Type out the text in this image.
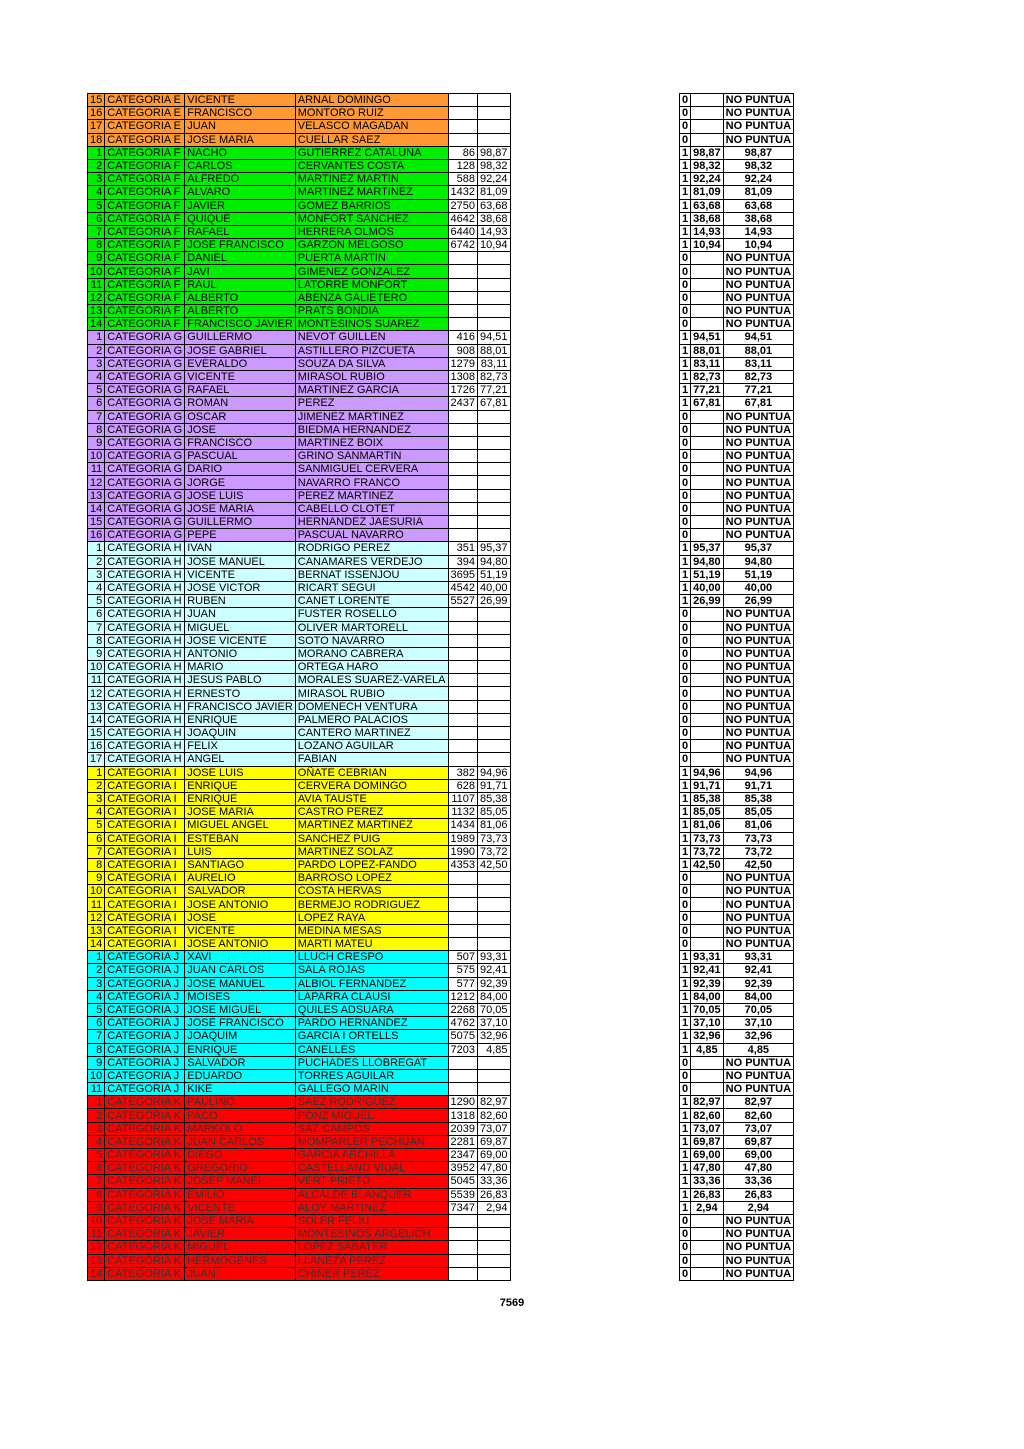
15	CATEGORIA E	VICENTE	ARNAL DOMINGO		
16	CATEGORIA E	FRANCISCO	MONTORO RUIZ		
17	CATEGORIA E	JUAN	VELASCO MAGADAN		
18	CATEGORIA E	JOSE MARIA	CUELLAR SAEZ		
1	CATEGORIA F	NACHO	GUTIERREZ CATALUNA	86	98,87
2	CATEGORIA F	CARLOS	CERVANTES COSTA	128	98,32
3	CATEGORIA F	ALFREDO	MARTINEZ MARTIN	588	92,24
4	CATEGORIA F	ALVARO	MARTINEZ MARTINEZ	1432	81,09
5	CATEGORIA F	JAVIER	GOMEZ BARRIOS	2750	63,68
6	CATEGORIA F	QUIQUE	MONFORT SANCHEZ	4642	38,68
7	CATEGORIA F	RAFAEL	HERRERA OLMOS	6440	14,93
8	CATEGORIA F	JOSE FRANCISCO	GARZON MELGOSO	6742	10,94
9	CATEGORIA F	DANIEL	PUERTA MARTIN		
10	CATEGORIA F	JAVI	GIMENEZ GONZALEZ		
11	CATEGORIA F	RAUL	LATORRE MONFORT		
12	CATEGORIA F	ALBERTO	ABENZA GALIETERO		
13	CATEGORIA F	ALBERTO	PRATS BONDIA		
14	CATEGORIA F	FRANCISCO JAVIER	MONTESINOS SUAREZ		
1	CATEGORIA G	GUILLERMO	NEVOT GUILLEN	416	94,51
2	CATEGORIA G	JOSE GABRIEL	ASTILLERO PIZCUETA	908	88,01
3	CATEGORIA G	EVERALDO	SOUZA DA SILVA	1279	83,11
4	CATEGORIA G	VICENTE	MIRASOL RUBIO	1308	82,73
5	CATEGORIA G	RAFAEL	MARTINEZ GARCIA	1726	77,21
6	CATEGORIA G	ROMAN	PEREZ	2437	67,81
7	CATEGORIA G	OSCAR	JIMENEZ MARTINEZ		
8	CATEGORIA G	JOSE	BIEDMA HERNANDEZ		
9	CATEGORIA G	FRANCISCO	MARTINEZ BOIX		
10	CATEGORIA G	PASCUAL	GRINO SANMARTIN		
11	CATEGORIA G	DARIO	SANMIGUEL CERVERA		
12	CATEGORIA G	JORGE	NAVARRO FRANCO		
13	CATEGORIA G	JOSE LUIS	PEREZ MARTINEZ		
14	CATEGORIA G	JOSE MARIA	CABELLO CLOTET		
15	CATEGORIA G	GUILLERMO	HERNANDEZ JAESURIA		
16	CATEGORIA G	PEPE	PASCUAL NAVARRO		
1	CATEGORIA H	IVAN	RODRIGO PEREZ	351	95,37
2	CATEGORIA H	JOSE MANUEL	CANAMARES VERDEJO	394	94,80
3	CATEGORIA H	VICENTE	BERNAT ISSENJOU	3695	51,19
4	CATEGORIA H	JOSE VICTOR	RICART SEGUI	4542	40,00
5	CATEGORIA H	RUBEN	CANET LORENTE	5527	26,99
6	CATEGORIA H	JUAN	FUSTER ROSELLO		
7	CATEGORIA H	MIGUEL	OLIVER MARTORELL		
8	CATEGORIA H	JOSE VICENTE	SOTO NAVARRO		
9	CATEGORIA H	ANTONIO	MORANO CABRERA		
10	CATEGORIA H	MARIO	ORTEGA HARO		
11	CATEGORIA H	JESUS PABLO	MORALES SUAREZ-VARELA		
12	CATEGORIA H	ERNESTO	MIRASOL RUBIO		
13	CATEGORIA H	FRANCISCO JAVIER	DOMENECH VENTURA		
14	CATEGORIA H	ENRIQUE	PALMERO PALACIOS		
15	CATEGORIA H	JOAQUIN	CANTERO MARTINEZ		
16	CATEGORIA H	FELIX	LOZANO AGUILAR		
17	CATEGORIA H	ANGEL	FABIAN		
1	CATEGORIA I	JOSE LUIS	OÑATE CEBRIAN	382	94,96
2	CATEGORIA I	ENRIQUE	CERVERA DOMINGO	628	91,71
3	CATEGORIA I	ENRIQUE	AVIA TAUSTE	1107	85,38
4	CATEGORIA I	JOSE MARIA	CASTRO PEREZ	1132	85,05
5	CATEGORIA I	MIGUEL ANGEL	MARTINEZ MARTINEZ	1434	81,06
6	CATEGORIA I	ESTEBAN	SANCHEZ PUIG	1989	73,73
7	CATEGORIA I	LUIS	MARTINEZ SOLAZ	1990	73,72
8	CATEGORIA I	SANTIAGO	PARDO LOPEZ-FANDO	4353	42,50
9	CATEGORIA I	AURELIO	BARROSO LOPEZ		
10	CATEGORIA I	SALVADOR	COSTA HERVAS		
11	CATEGORIA I	JOSE ANTONIO	BERMEJO RODRIGUEZ		
12	CATEGORIA I	JOSE	LOPEZ RAYA		
13	CATEGORIA I	VICENTE	MEDINA MESAS		
14	CATEGORIA I	JOSE ANTONIO	MARTI MATEU		
1	CATEGORIA J	XAVI	LLUCH CRESPO	507	93,31
2	CATEGORIA J	JUAN CARLOS	SALA ROJAS	575	92,41
3	CATEGORIA J	JOSE MANUEL	ALBIOL FERNANDEZ	577	92,39
4	CATEGORIA J	MOISES	LAPARRA CLAUSI	1212	84,00
5	CATEGORIA J	JOSE MIGUEL	QUILES ADSUARA	2268	70,05
6	CATEGORIA J	JOSE FRANCISCO	PARDO HERNANDEZ	4762	37,10
7	CATEGORIA J	JOAQUIM	GARCIA I ORTELLS	5075	32,96
8	CATEGORIA J	ENRIQUE	CANELLES	7203	4,85
9	CATEGORIA J	SALVADOR	PUCHADES LLOBREGAT		
10	CATEGORIA J	EDUARDO	TORRES AGUILAR		
11	CATEGORIA J	KIKE	GALLEGO MARIN		
1	CATEGORIA K	PAULINO	SAEZ RODRIGUEZ	1290	82,97
2	CATEGORIA K	PACO	PONZ MIGUEL	1318	82,60
3	CATEGORIA K	MARKOLO	SAZ CAMPOS	2039	73,07
4	CATEGORIA K	JUAN CARLOS	MOMPARLER PECHUAN	2281	69,87
5	CATEGORIA K	DIEGO	GARCIA ARCHILLA	2347	69,00
6	CATEGORIA K	GREGORIO	CASTELLANO VIDAL	3952	47,80
7	CATEGORIA K	JOSEP MANEL	VERT PRIETO	5045	33,36
8	CATEGORIA K	EMILIO	ALCALDE BLANQUER	5539	26,83
9	CATEGORIA K	VICENTE	ALOY MARTINEZ	7347	2,94
10	CATEGORIA K	JOSE MARIA	SOLER FELIU		
11	CATEGORIA K	JAVIER	MONTESINOS ARGELICH		
12	CATEGORIA K	MIGUEL	LOPEZ SABATER		
13	CATEGORIA K	HERMOGENES	LLANEZA PEREZ		
14	CATEGORIA K	JUAN	CHINER PEREZ		
0		NO PUNTUA
0		NO PUNTUA
0		NO PUNTUA
0		NO PUNTUA
1	98,87	98,87
1	98,32	98,32
1	92,24	92,24
1	81,09	81,09
1	63,68	63,68
1	38,68	38,68
1	14,93	14,93
1	10,94	10,94
0		NO PUNTUA
0		NO PUNTUA
0		NO PUNTUA
0		NO PUNTUA
0		NO PUNTUA
0		NO PUNTUA
1	94,51	94,51
1	88,01	88,01
1	83,11	83,11
1	82,73	82,73
1	77,21	77,21
1	67,81	67,81
0		NO PUNTUA
0		NO PUNTUA
0		NO PUNTUA
0		NO PUNTUA
0		NO PUNTUA
0		NO PUNTUA
0		NO PUNTUA
0		NO PUNTUA
0		NO PUNTUA
0		NO PUNTUA
1	95,37	95,37
1	94,80	94,80
1	51,19	51,19
1	40,00	40,00
1	26,99	26,99
0		NO PUNTUA
0		NO PUNTUA
0		NO PUNTUA
0		NO PUNTUA
0		NO PUNTUA
0		NO PUNTUA
0		NO PUNTUA
0		NO PUNTUA
0		NO PUNTUA
0		NO PUNTUA
0		NO PUNTUA
0		NO PUNTUA
1	94,96	94,96
1	91,71	91,71
1	85,38	85,38
1	85,05	85,05
1	81,06	81,06
1	73,73	73,73
1	73,72	73,72
1	42,50	42,50
0		NO PUNTUA
0		NO PUNTUA
0		NO PUNTUA
0		NO PUNTUA
0		NO PUNTUA
0		NO PUNTUA
1	93,31	93,31
1	92,41	92,41
1	92,39	92,39
1	84,00	84,00
1	70,05	70,05
1	37,10	37,10
1	32,96	32,96
1	4,85	4,85
0		NO PUNTUA
0		NO PUNTUA
0		NO PUNTUA
1	82,97	82,97
1	82,60	82,60
1	73,07	73,07
1	69,87	69,87
1	69,00	69,00
1	47,80	47,80
1	33,36	33,36
1	26,83	26,83
1	2,94	2,94
0		NO PUNTUA
0		NO PUNTUA
0		NO PUNTUA
0		NO PUNTUA
0		NO PUNTUA
7569
